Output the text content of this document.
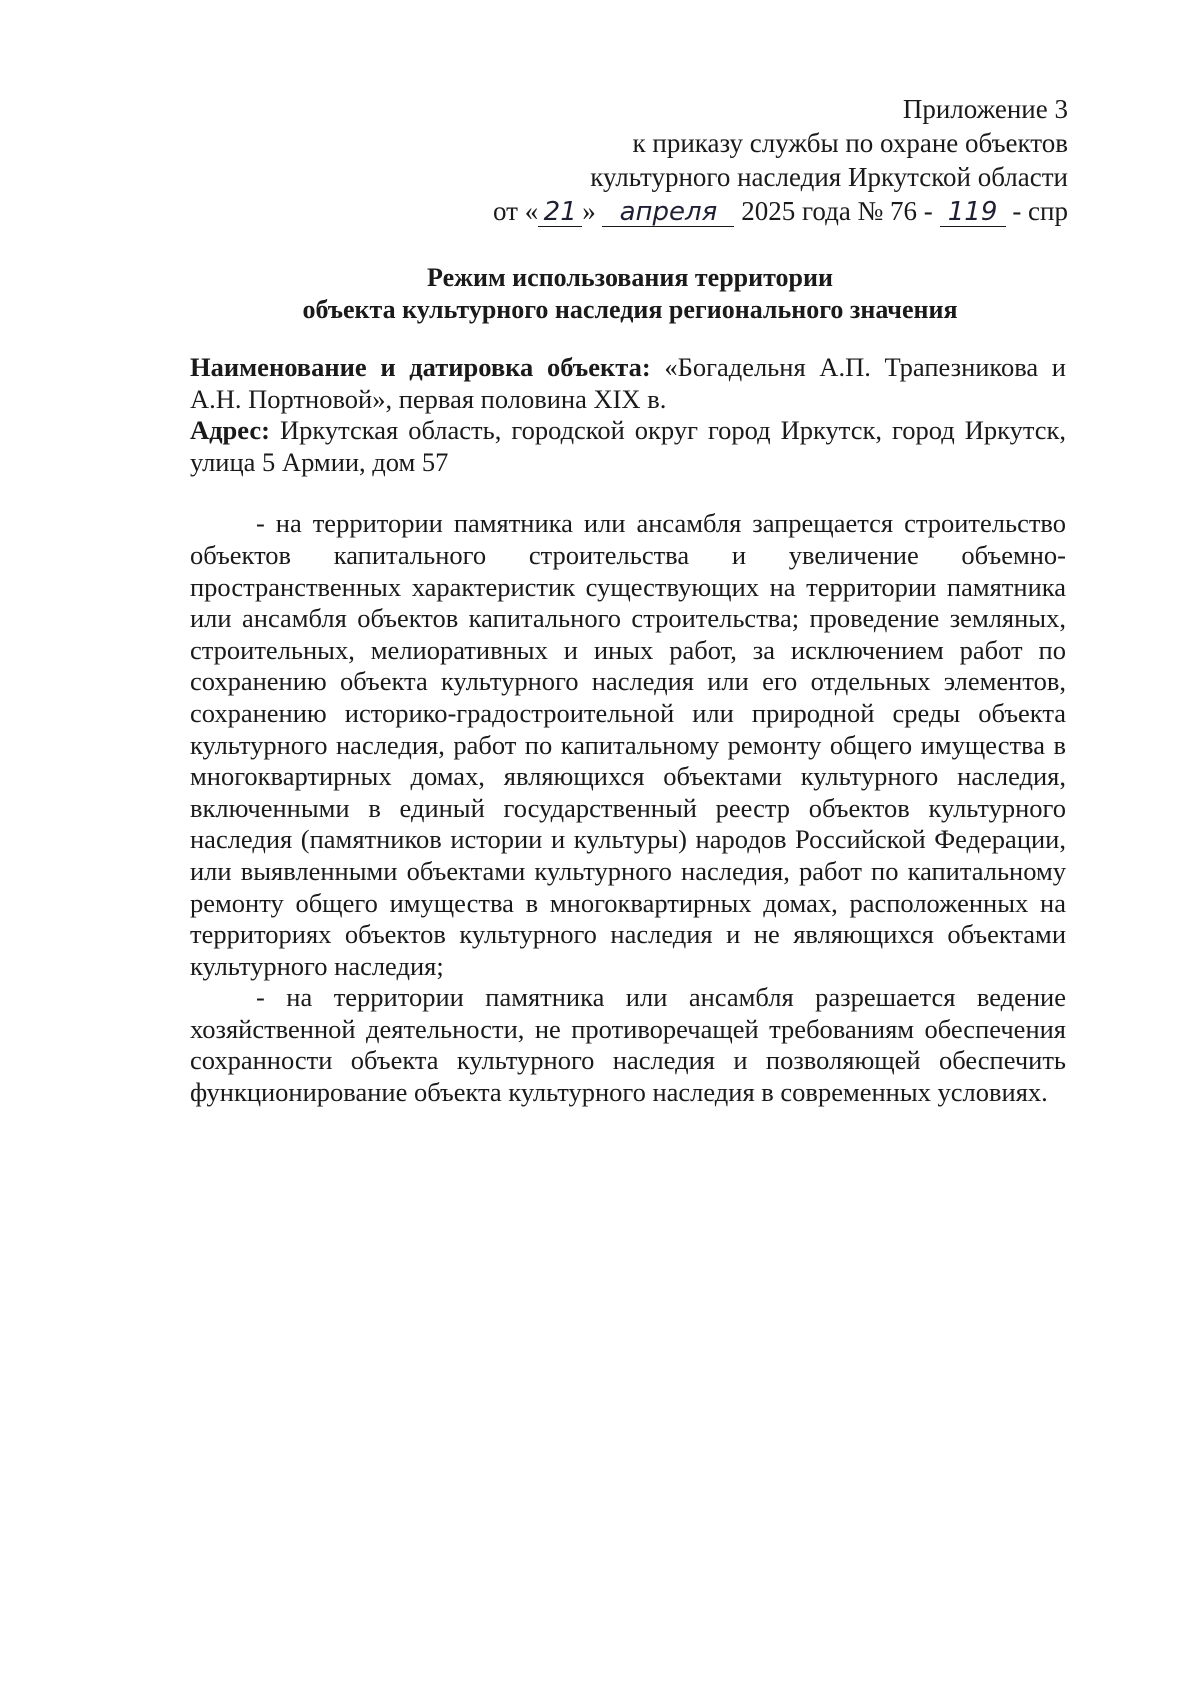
Приложение 3
к приказу службы по охране объектов
культурного наследия Иркутской области
от « 21 » апреля 2025 года № 76 - 119 - спр
Режим использования территории
объекта культурного наследия регионального значения

Наименование и датировка объекта: «Богадельня А.П. Трапезникова и А.Н. Портновой», первая половина XIX в.

Адрес: Иркутская область, городской округ город Иркутск, город Иркутск, улица 5 Армии, дом 57

- на территории памятника или ансамбля запрещается строительство объектов капитального строительства и увеличение объемно-пространственных характеристик существующих на территории памятника или ансамбля объектов капитального строительства; проведение земляных, строительных, мелиоративных и иных работ, за исключением работ по сохранению объекта культурного наследия или его отдельных элементов, сохранению историко-градостроительной или природной среды объекта культурного наследия, работ по капитальному ремонту общего имущества в многоквартирных домах, являющихся объектами культурного наследия, включенными в единый государственный реестр объектов культурного наследия (памятников истории и культуры) народов Российской Федерации, или выявленными объектами культурного наследия, работ по капитальному ремонту общего имущества в многоквартирных домах, расположенных на территориях объектов культурного наследия и не являющихся объектами культурного наследия;

- на территории памятника или ансамбля разрешается ведение хозяйственной деятельности, не противоречащей требованиям обеспечения сохранности объекта культурного наследия и позволяющей обеспечить функционирование объекта культурного наследия в современных условиях.
